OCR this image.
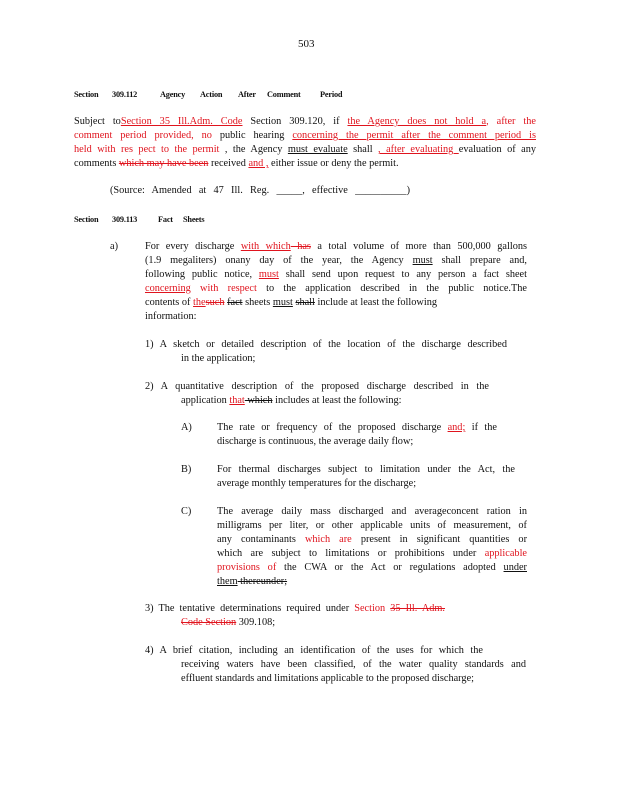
503
Section 309.112	Agency Action After Comment Period
Subject toSection 35 Ill.Adm. Code Section 309.120, if the Agency does not hold a, after the
comment period provided, no public hearing concerning the permit after the comment period is
held with res pect to the permit , the Agency must evaluate shall , after evaluating evaluation of any
comments which may have been received and , either issue or deny the permit.
(Source: Amended at 47 Ill. Reg. _____, effective __________)
Section 309.113	Fact Sheets
a)	For every discharge with which has a total volume of more than 500,000 gallons
(1.9 megaliters) onany day of the year, the Agency must shall prepare and,
following public notice, must shall send upon request to any person a fact sheet
concerning with respect to the application described in the public notice.The
contents of thesuch fact sheets must shall include at least the following
information:
1) A sketch or detailed description of the location of the discharge described
in the application;
2) A quantitative description of the proposed discharge described in the
application that which includes at least the following:
3) The tentative determinations required under Section 35 Ill. Adm.
Code Section 309.108;
4) A brief citation, including an identification of the uses for which the
receiving waters have been classified, of the water quality standards and
effluent standards and limitations applicable to the proposed discharge;
A) The rate or frequency of the proposed discharge and; if the
discharge is continuous, the average daily flow;
B) For thermal discharges subject to limitation under the Act, the
average monthly temperatures for the discharge;
C) The average daily mass discharged and averageconcent ration in
milligrams per liter, or other applicable units of measurement, of
any contaminants which are present in significant quantities or
which are subject to limitations or prohibitions under applicable
provisions of the CWA or the Act or regulations adopted under
them thereunder;
